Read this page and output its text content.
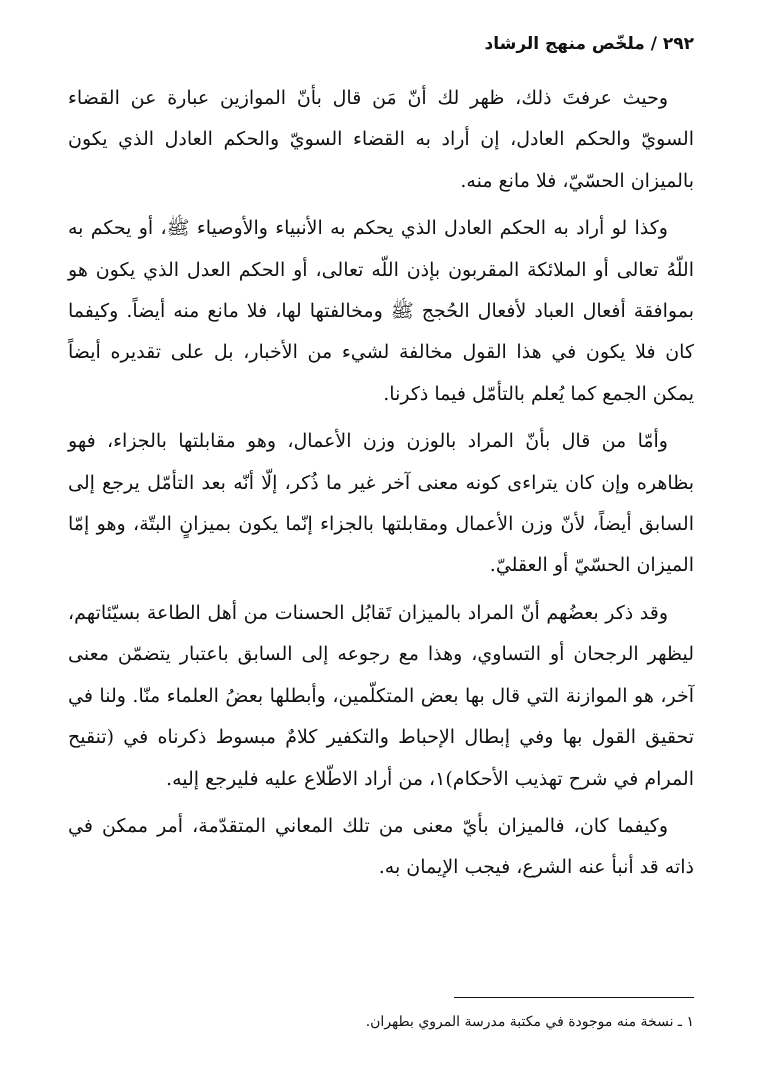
٢٩٢ / ملخّص منهج الرشاد

وحيث عرفتَ ذلك، ظهر لك أنّ مَن قال بأنّ الموازين عبارة عن القضاء السويّ والحكم العادل، إن أراد به القضاء السويّ والحكم العادل الذي يكون بالميزان الحسّيّ، فلا مانع منه.

وكذا لو أراد به الحكم العادل الذي يحكم به الأنبياء والأوصياء ﷺ، أو يحكم به اللّهُ تعالى أو الملائكة المقربون بإذن اللّه تعالى، أو الحكم العدل الذي يكون هو بموافقة أفعال العباد لأفعال الحُجج ﷺ ومخالفتها لها، فلا مانع منه أيضاً. وكيفما كان فلا يكون في هذا القول مخالفة لشيء من الأخبار، بل على تقديره أيضاً يمكن الجمع كما يُعلم بالتأمّل فيما ذكرنا.

وأمّا من قال بأنّ المراد بالوزن وزن الأعمال، وهو مقابلتها بالجزاء، فهو بظاهره وإن كان يتراءى كونه معنى آخر غير ما ذُكر، إلّا أنّه بعد التأمّل يرجع إلى السابق أيضاً، لأنّ وزن الأعمال ومقابلتها بالجزاء إنّما يكون بميزانٍ البتّة، وهو إمّا الميزان الحسّيّ أو العقليّ.

وقد ذكر بعضُهم أنّ المراد بالميزان تَقابُل الحسنات من أهل الطاعة بسيّئاتهم، ليظهر الرجحان أو التساوي، وهذا مع رجوعه إلى السابق باعتبار يتضمّن معنى آخر، هو الموازنة التي قال بها بعض المتكلّمين، وأبطلها بعضُ العلماء منّا. ولنا في تحقيق القول بها وفي إبطال الإحباط والتكفير كلامٌ مبسوط ذكرناه في (تنقيح المرام في شرح تهذيب الأحكام)١، من أراد الاطّلاع عليه فليرجع إليه.

وكيفما كان، فالميزان بأيّ معنى من تلك المعاني المتقدّمة، أمر ممكن في ذاته قد أنبأ عنه الشرع، فيجب الإيمان به.

١ ـ نسخة منه موجودة في مكتبة مدرسة المروي بطهران.
